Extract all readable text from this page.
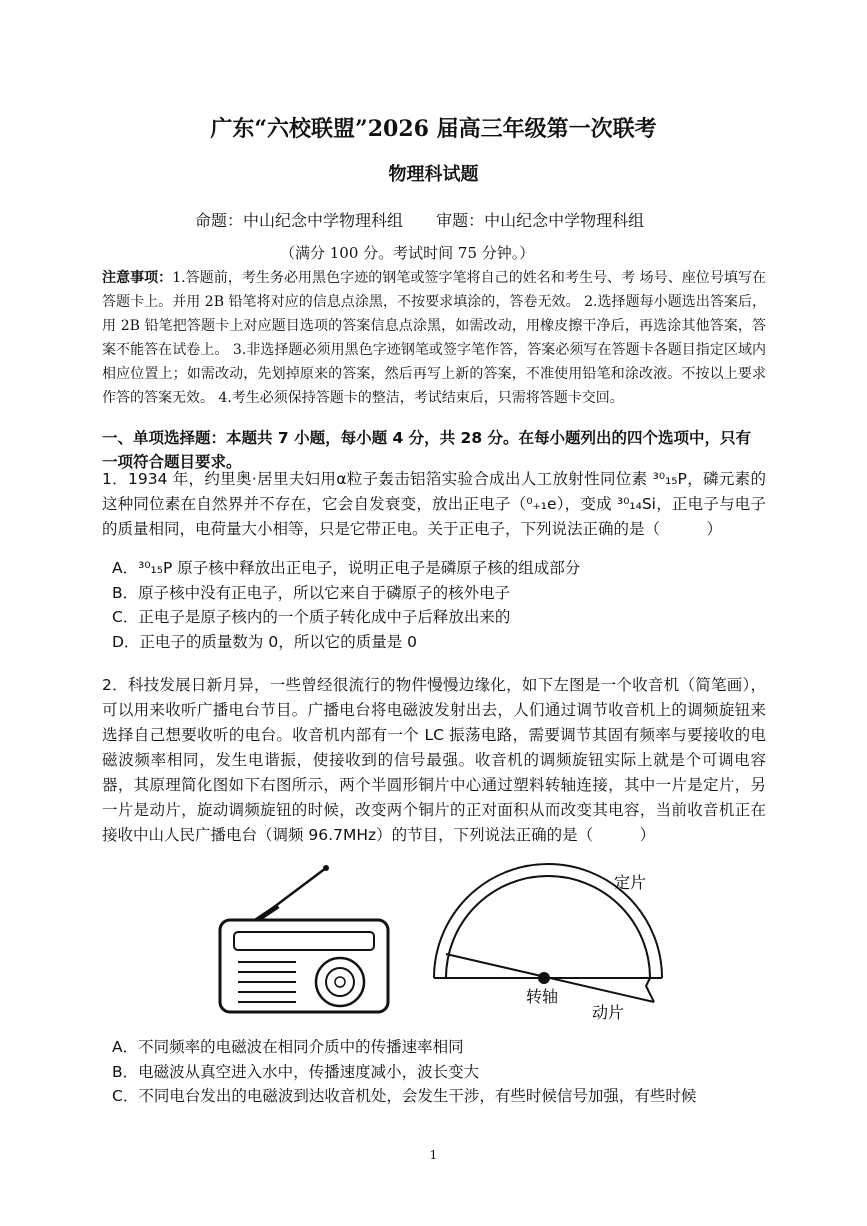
广东“六校联盟”2026 届高三年级第一次联考
物理科试题
命题：中山纪念中学物理科组 审题：中山纪念中学物理科组
（满分 100 分。考试时间 75 分钟。）
注意事项：1.答题前，考生务必用黑色字迹的钢笔或签字笔将自己的姓名和考生号、考 场号、座位号填写在答题卡上。并用 2B 铅笔将对应的信息点涂黑，不按要求填涂的，答卷无效。 2.选择题每小题选出答案后，用 2B 铅笔把答题卡上对应题目选项的答案信息点涂黑，如需改动，用橡皮擦干净后，再选涂其他答案，答案不能答在试卷上。 3.非选择题必须用黑色字迹钢笔或签字笔作答，答案必须写在答题卡各题目指定区域内相应位置上；如需改动，先划掉原来的答案，然后再写上新的答案，不准使用铅笔和涂改液。不按以上要求作答的答案无效。 4.考生必须保持答题卡的整洁，考试结束后，只需将答题卡交回。
一、单项选择题：本题共 7 小题，每小题 4 分，共 28 分。在每小题列出的四个选项中，只有一项符合题目要求。
1．1934 年，约里奥·居里夫妇用α粒子轰击铝箔实验合成出人工放射性同位素 ³⁰₁₅P，磷元素的这种同位素在自然界并不存在，它会自发衰变，放出正电子（⁰₊₁e），变成 ³⁰₁₄Si，正电子与电子的质量相同，电荷量大小相等，只是它带正电。关于正电子，下列说法正确的是（　　　）
A．³⁰₁₅P 原子核中释放出正电子，说明正电子是磷原子核的组成部分
B．原子核中没有正电子，所以它来自于磷原子的核外电子
C．正电子是原子核内的一个质子转化成中子后释放出来的
D．正电子的质量数为 0，所以它的质量是 0
2．科技发展日新月异，一些曾经很流行的物件慢慢边缘化，如下左图是一个收音机（简笔画），可以用来收听广播电台节目。广播电台将电磁波发射出去，人们通过调节收音机上的调频旋钮来选择自己想要收听的电台。收音机内部有一个 LC 振荡电路，需要调节其固有频率与要接收的电磁波频率相同，发生电谐振，使接收到的信号最强。收音机的调频旋钮实际上就是个可调电容器，其原理简化图如下右图所示，两个半圆形铜片中心通过塑料转轴连接，其中一片是定片，另一片是动片，旋动调频旋钮的时候，改变两个铜片的正对面积从而改变其电容，当前收音机正在接收中山人民广播电台（调频 96.7MHz）的节目，下列说法正确的是（　　　）
定片
转轴
动片
A．不同频率的电磁波在相同介质中的传播速率相同
B．电磁波从真空进入水中，传播速度减小，波长变大
C．不同电台发出的电磁波到达收音机处，会发生干涉，有些时候信号加强，有些时候
1
